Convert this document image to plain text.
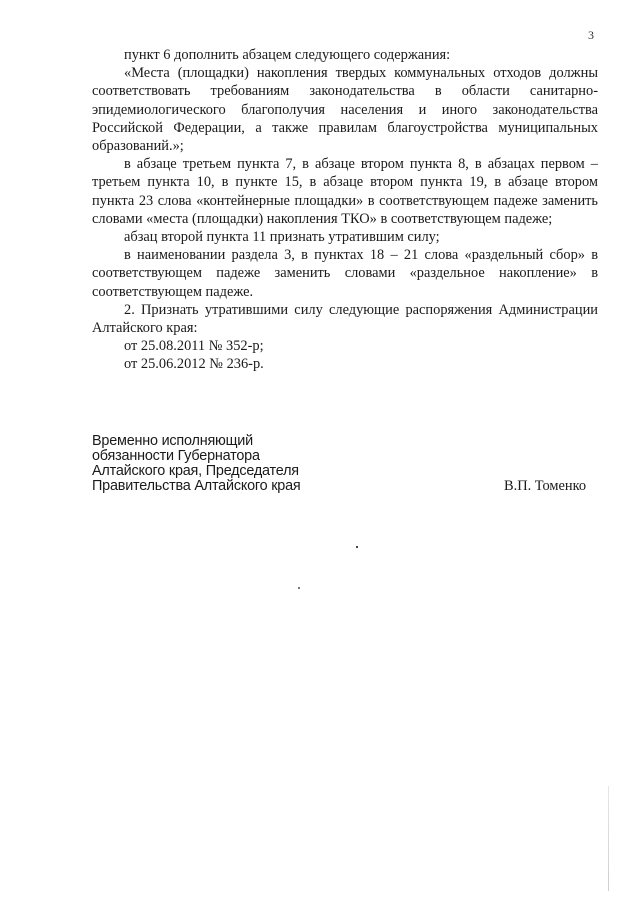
3

пункт 6 дополнить абзацем следующего содержания:

«Места (площадки) накопления твердых коммунальных отходов должны соответствовать требованиям законодательства в области санитарно-эпидемиологического благополучия населения и иного законодательства Российской Федерации, а также правилам благоустройства муниципальных образований.»;

в абзаце третьем пункта 7, в абзаце втором пункта 8, в абзацах первом – третьем пункта 10, в пункте 15, в абзаце втором пункта 19, в абзаце втором пункта 23 слова «контейнерные площадки» в соответствующем падеже заменить словами «места (площадки) накопления ТКО» в соответствующем падеже;

абзац второй пункта 11 признать утратившим силу;

в наименовании раздела 3, в пунктах 18 – 21 слова «раздельный сбор» в соответствующем падеже заменить словами «раздельное накопление» в соответствующем падеже.

2. Признать утратившими силу следующие распоряжения Администрации Алтайского края:

от 25.08.2011 № 352-р;

от 25.06.2012 № 236-р.

Временно исполняющий
обязанности Губернатора
Алтайского края, Председателя
Правительства Алтайского края	В.П. Томенко
